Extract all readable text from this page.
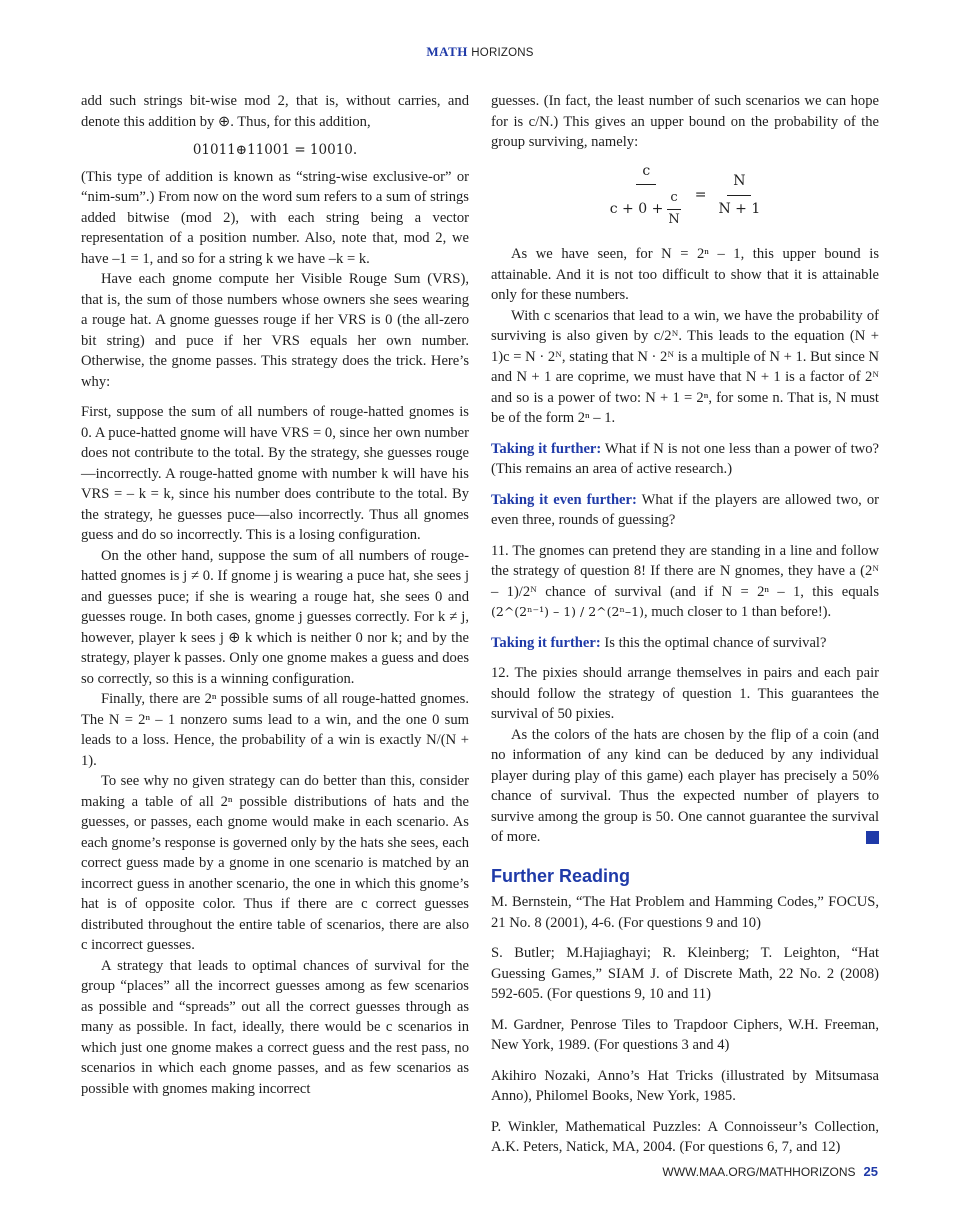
MATH HORIZONS

add such strings bit-wise mod 2, that is, without carries, and denote this addition by ⊕. Thus, for this addition,

01011⊕11001 = 10010.

(This type of addition is known as “string-wise exclusive-or” or “nim-sum”.) From now on the word sum refers to a sum of strings added bitwise (mod 2), with each string being a vector representation of a position number. Also, note that, mod 2, we have –1 = 1, and so for a string k we have –k = k.

Have each gnome compute her Visible Rouge Sum (VRS), that is, the sum of those numbers whose owners she sees wearing a rouge hat. A gnome guesses rouge if her VRS is 0 (the all-zero bit string) and puce if her VRS equals her own number. Otherwise, the gnome passes. This strategy does the trick. Here’s why:

First, suppose the sum of all numbers of rouge-hatted gnomes is 0. A puce-hatted gnome will have VRS = 0, since her own number does not contribute to the total. By the strategy, she guesses rouge—incorrectly. A rouge-hatted gnome with number k will have his VRS = – k = k, since his number does contribute to the total. By the strategy, he guesses puce—also incorrectly. Thus all gnomes guess and do so incorrectly. This is a losing configuration.

On the other hand, suppose the sum of all numbers of rouge-hatted gnomes is j ≠ 0. If gnome j is wearing a puce hat, she sees j and guesses puce; if she is wearing a rouge hat, she sees 0 and guesses rouge. In both cases, gnome j guesses correctly. For k ≠ j, however, player k sees j ⊕ k which is neither 0 nor k; and by the strategy, player k passes. Only one gnome makes a guess and does so correctly, so this is a winning configuration.

Finally, there are 2ⁿ possible sums of all rouge-hatted gnomes. The N = 2ⁿ – 1 nonzero sums lead to a win, and the one 0 sum leads to a loss. Hence, the probability of a win is exactly N/(N + 1).

To see why no given strategy can do better than this, consider making a table of all 2ⁿ possible distributions of hats and the guesses, or passes, each gnome would make in each scenario. As each gnome’s response is governed only by the hats she sees, each correct guess made by a gnome in one scenario is matched by an incorrect guess in another scenario, the one in which this gnome’s hat is of opposite color. Thus if there are c correct guesses distributed throughout the entire table of scenarios, there are also c incorrect guesses.

A strategy that leads to optimal chances of survival for the group “places” all the incorrect guesses among as few scenarios as possible and “spreads” out all the correct guesses through as many as possible. In fact, ideally, there would be c scenarios in which just one gnome makes a correct guess and the rest pass, no scenarios in which each gnome passes, and as few scenarios as possible with gnomes making incorrect

guesses. (In fact, the least number of such scenarios we can hope for is c/N.) This gives an upper bound on the probability of the group surviving, namely:

$\frac{c}{c + 0 + \frac{c}{N}} = \frac{N}{N + 1}$

As we have seen, for N = 2ⁿ – 1, this upper bound is attainable. And it is not too difficult to show that it is attainable only for these numbers.

With c scenarios that lead to a win, we have the probability of surviving is also given by c/2ᴺ. This leads to the equation (N + 1)c = N · 2ᴺ, stating that N · 2ᴺ is a multiple of N + 1. But since N and N + 1 are coprime, we must have that N + 1 is a factor of 2ᴺ and so is a power of two: N + 1 = 2ⁿ, for some n. That is, N must be of the form 2ⁿ – 1.

Taking it further: What if N is not one less than a power of two? (This remains an area of active research.)

Taking it even further: What if the players are allowed two, or even three, rounds of guessing?

11. The gnomes can pretend they are standing in a line and follow the strategy of question 8! If there are N gnomes, they have a (2ᴺ – 1)/2ᴺ chance of survival (and if N = 2ⁿ – 1, this equals (2^(2ⁿ⁻¹) – 1) / 2^(2ⁿ–1), much closer to 1 than before!).

Taking it further: Is this the optimal chance of survival?

12. The pixies should arrange themselves in pairs and each pair should follow the strategy of question 1. This guarantees the survival of 50 pixies.

As the colors of the hats are chosen by the flip of a coin (and no information of any kind can be deduced by any individual player during play of this game) each player has precisely a 50% chance of survival. Thus the expected number of players to survive among the group is 50. One cannot guarantee the survival of more.

Further Reading

M. Bernstein, “The Hat Problem and Hamming Codes,” FOCUS, 21 No. 8 (2001), 4-6. (For questions 9 and 10)

S. Butler; M.Hajiaghayi; R. Kleinberg; T. Leighton, “Hat Guessing Games,” SIAM J. of Discrete Math, 22 No. 2 (2008) 592-605. (For questions 9, 10 and 11)

M. Gardner, Penrose Tiles to Trapdoor Ciphers, W.H. Freeman, New York, 1989. (For questions 3 and 4)

Akihiro Nozaki, Anno’s Hat Tricks (illustrated by Mitsumasa Anno), Philomel Books, New York, 1985.

P. Winkler, Mathematical Puzzles: A Connoisseur’s Collection, A.K. Peters, Natick, MA, 2004. (For questions 6, 7, and 12)

WWW.MAA.ORG/MATHHORIZONS 25
